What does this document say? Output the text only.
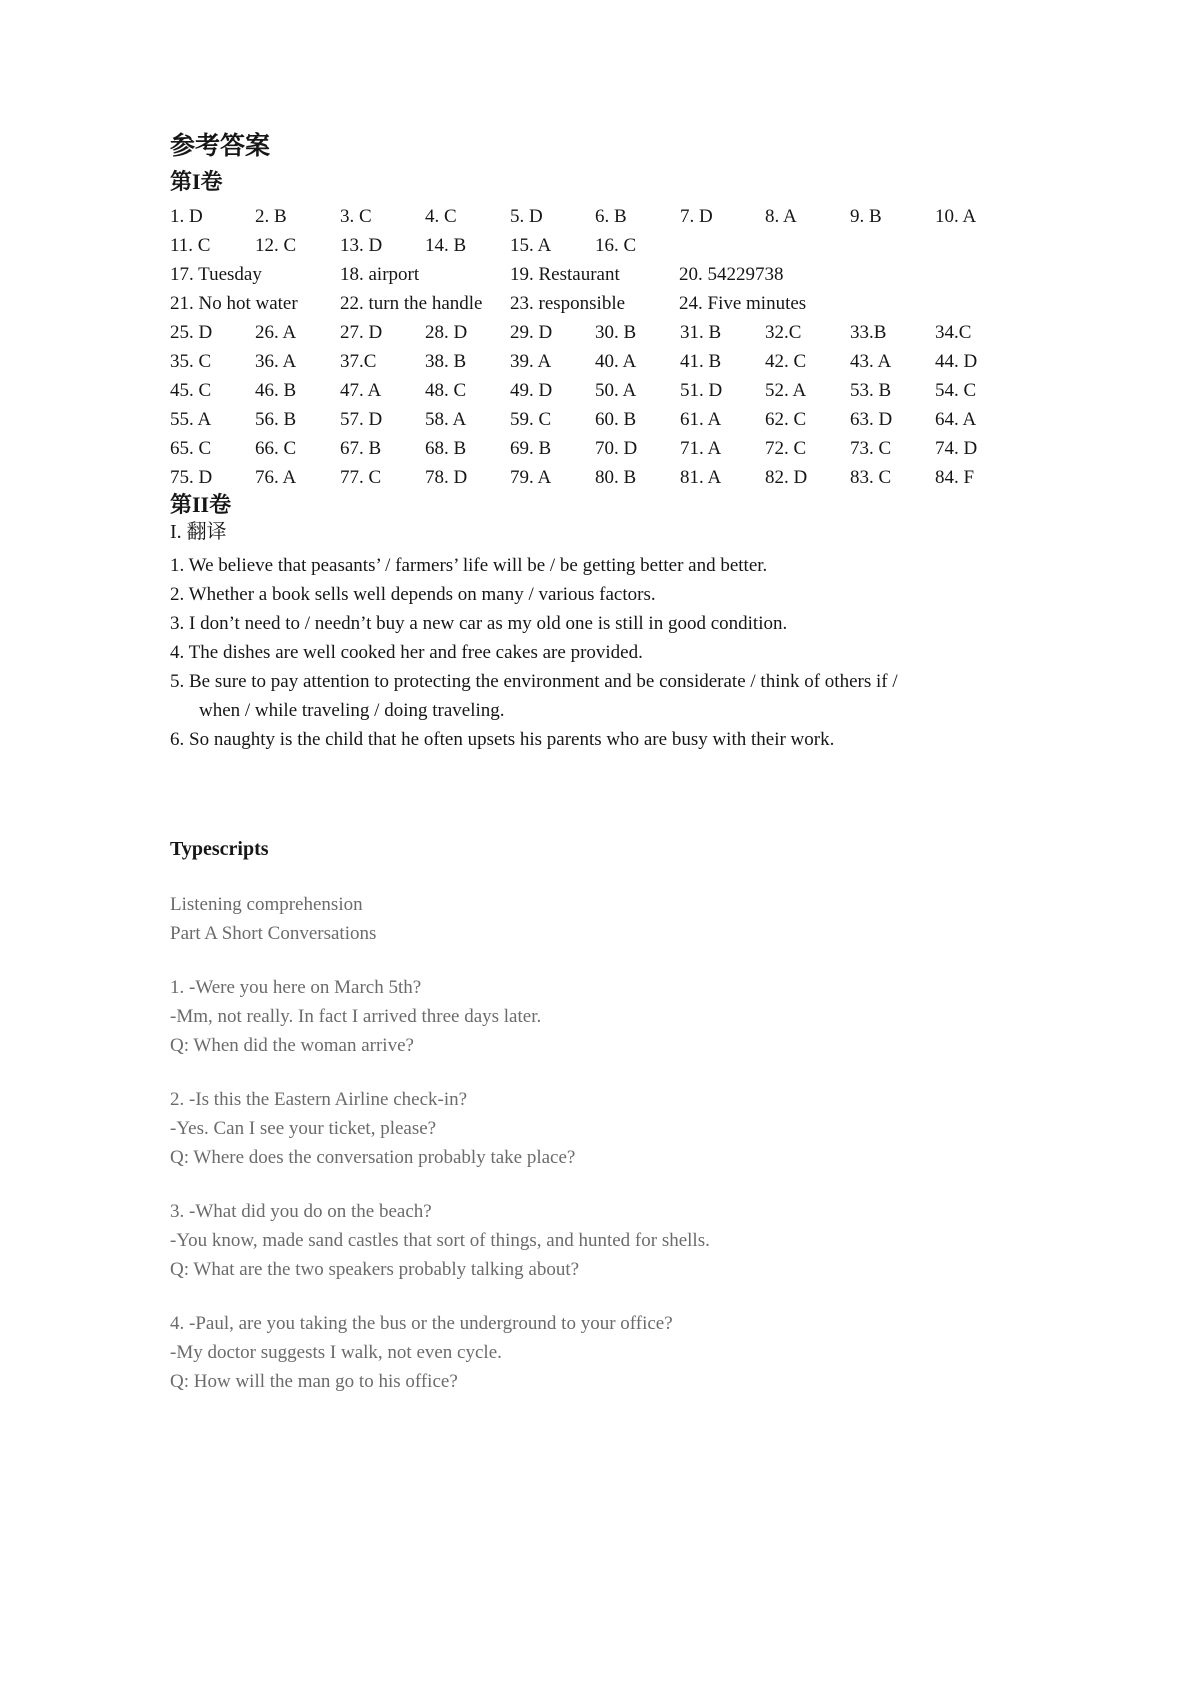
参考答案
第I卷
1. D	2. B	3. C	4. C	5. D	6. B	7. D	8. A	9. B	10. A
11. C	12. C	13. D	14. B	15. A	16. C
17. Tuesday	18. airport	19. Restaurant	20. 54229738
21. No hot water	22. turn the handle	23. responsible	24. Five minutes
25. D	26. A	27. D	28. D	29. D	30. B	31. B	32.C	33.B	34.C
35. C	36. A	37.C	38. B	39. A	40. A	41. B	42. C	43. A	44. D
45. C	46. B	47. A	48. C	49. D	50. A	51. D	52. A	53. B	54. C
55. A	56. B	57. D	58. A	59. C	60. B	61. A	62. C	63. D	64. A
65. C	66. C	67. B	68. B	69. B	70. D	71. A	72. C	73. C	74. D
75. D	76. A	77. C	78. D	79. A	80. B	81. A	82. D	83. C	84. F
第II卷

I. 翻译

1. We believe that peasants’ / farmers’ life will be / be getting better and better.

2. Whether a book sells well depends on many / various factors.

3. I don’t need to / needn’t buy a new car as my old one is still in good condition.

4. The dishes are well cooked her and free cakes are provided.

5. Be sure to pay attention to protecting the environment and be considerate / think of others if /

when / while traveling / doing traveling.

6. So naughty is the child that he often upsets his parents who are busy with their work.

Typescripts

Listening comprehension

Part A Short Conversations

1. -Were you here on March 5th?

-Mm, not really. In fact I arrived three days later.

Q: When did the woman arrive?

2. -Is this the Eastern Airline check-in?

-Yes. Can I see your ticket, please?

Q: Where does the conversation probably take place?

3. -What did you do on the beach?

-You know, made sand castles that sort of things, and hunted for shells.

Q: What are the two speakers probably talking about?

4. -Paul, are you taking the bus or the underground to your office?

-My doctor suggests I walk, not even cycle.

Q: How will the man go to his office?
